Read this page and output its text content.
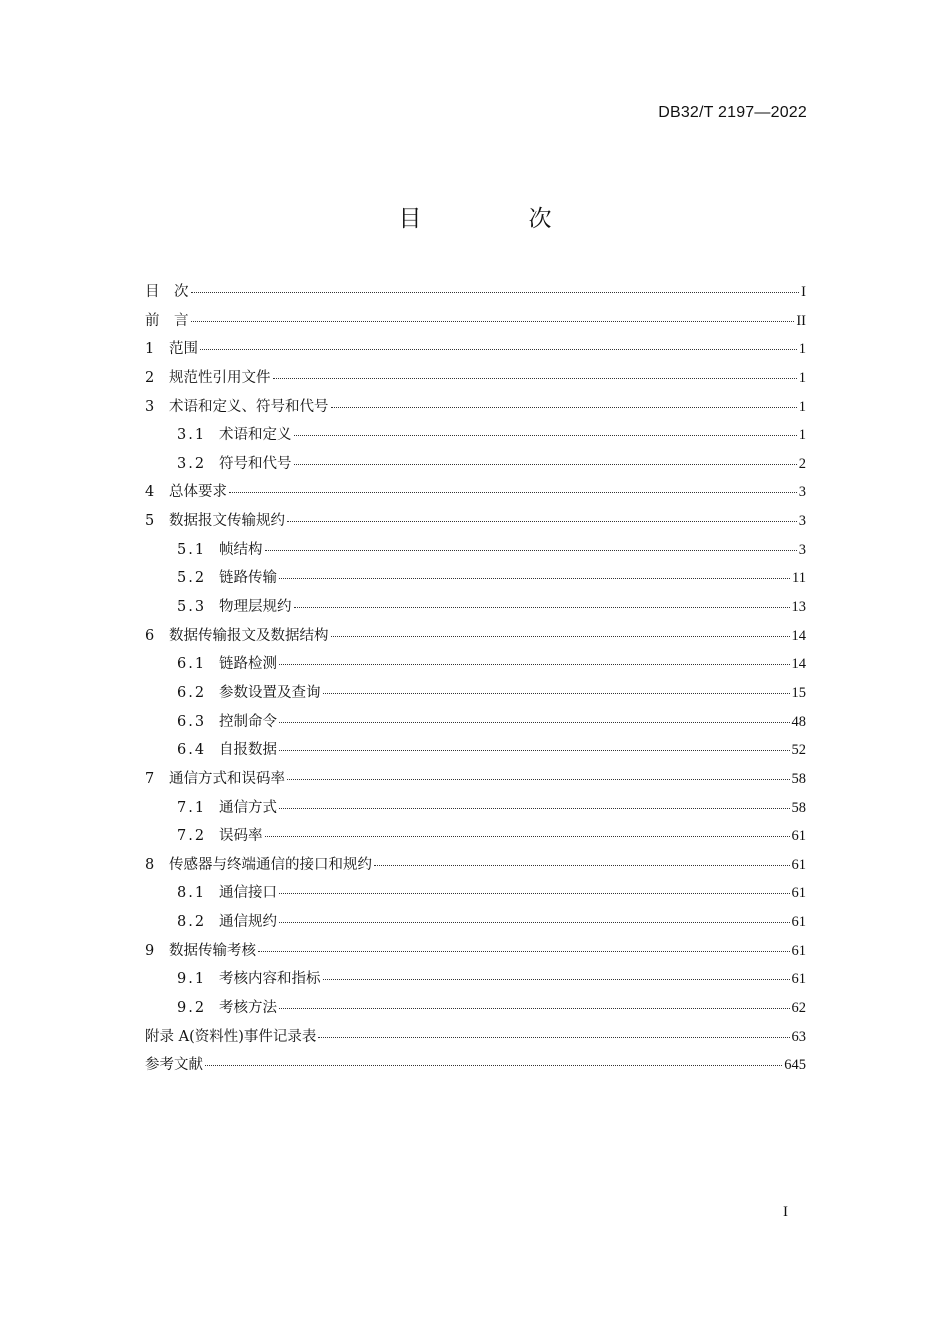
DB32/T 2197—2022
目　次
目　次	I
前　言	II
1	范围	1
2	规范性引用文件	1
3	术语和定义、符号和代号	1
3.1 术语和定义	1
3.2 符号和代号	2
4	总体要求	3
5	数据报文传输规约	3
5.1 帧结构	3
5.2 链路传输	11
5.3 物理层规约	13
6	数据传输报文及数据结构	14
6.1 链路检测	14
6.2 参数设置及查询	15
6.3 控制命令	48
6.4 自报数据	52
7	通信方式和误码率	58
7.1 通信方式	58
7.2 误码率	61
8	传感器与终端通信的接口和规约	61
8.1 通信接口	61
8.2 通信规约	61
9	数据传输考核	61
9.1 考核内容和指标	61
9.2 考核方法	62
附录 A(资料性)事件记录表	63
参考文献	645
I
